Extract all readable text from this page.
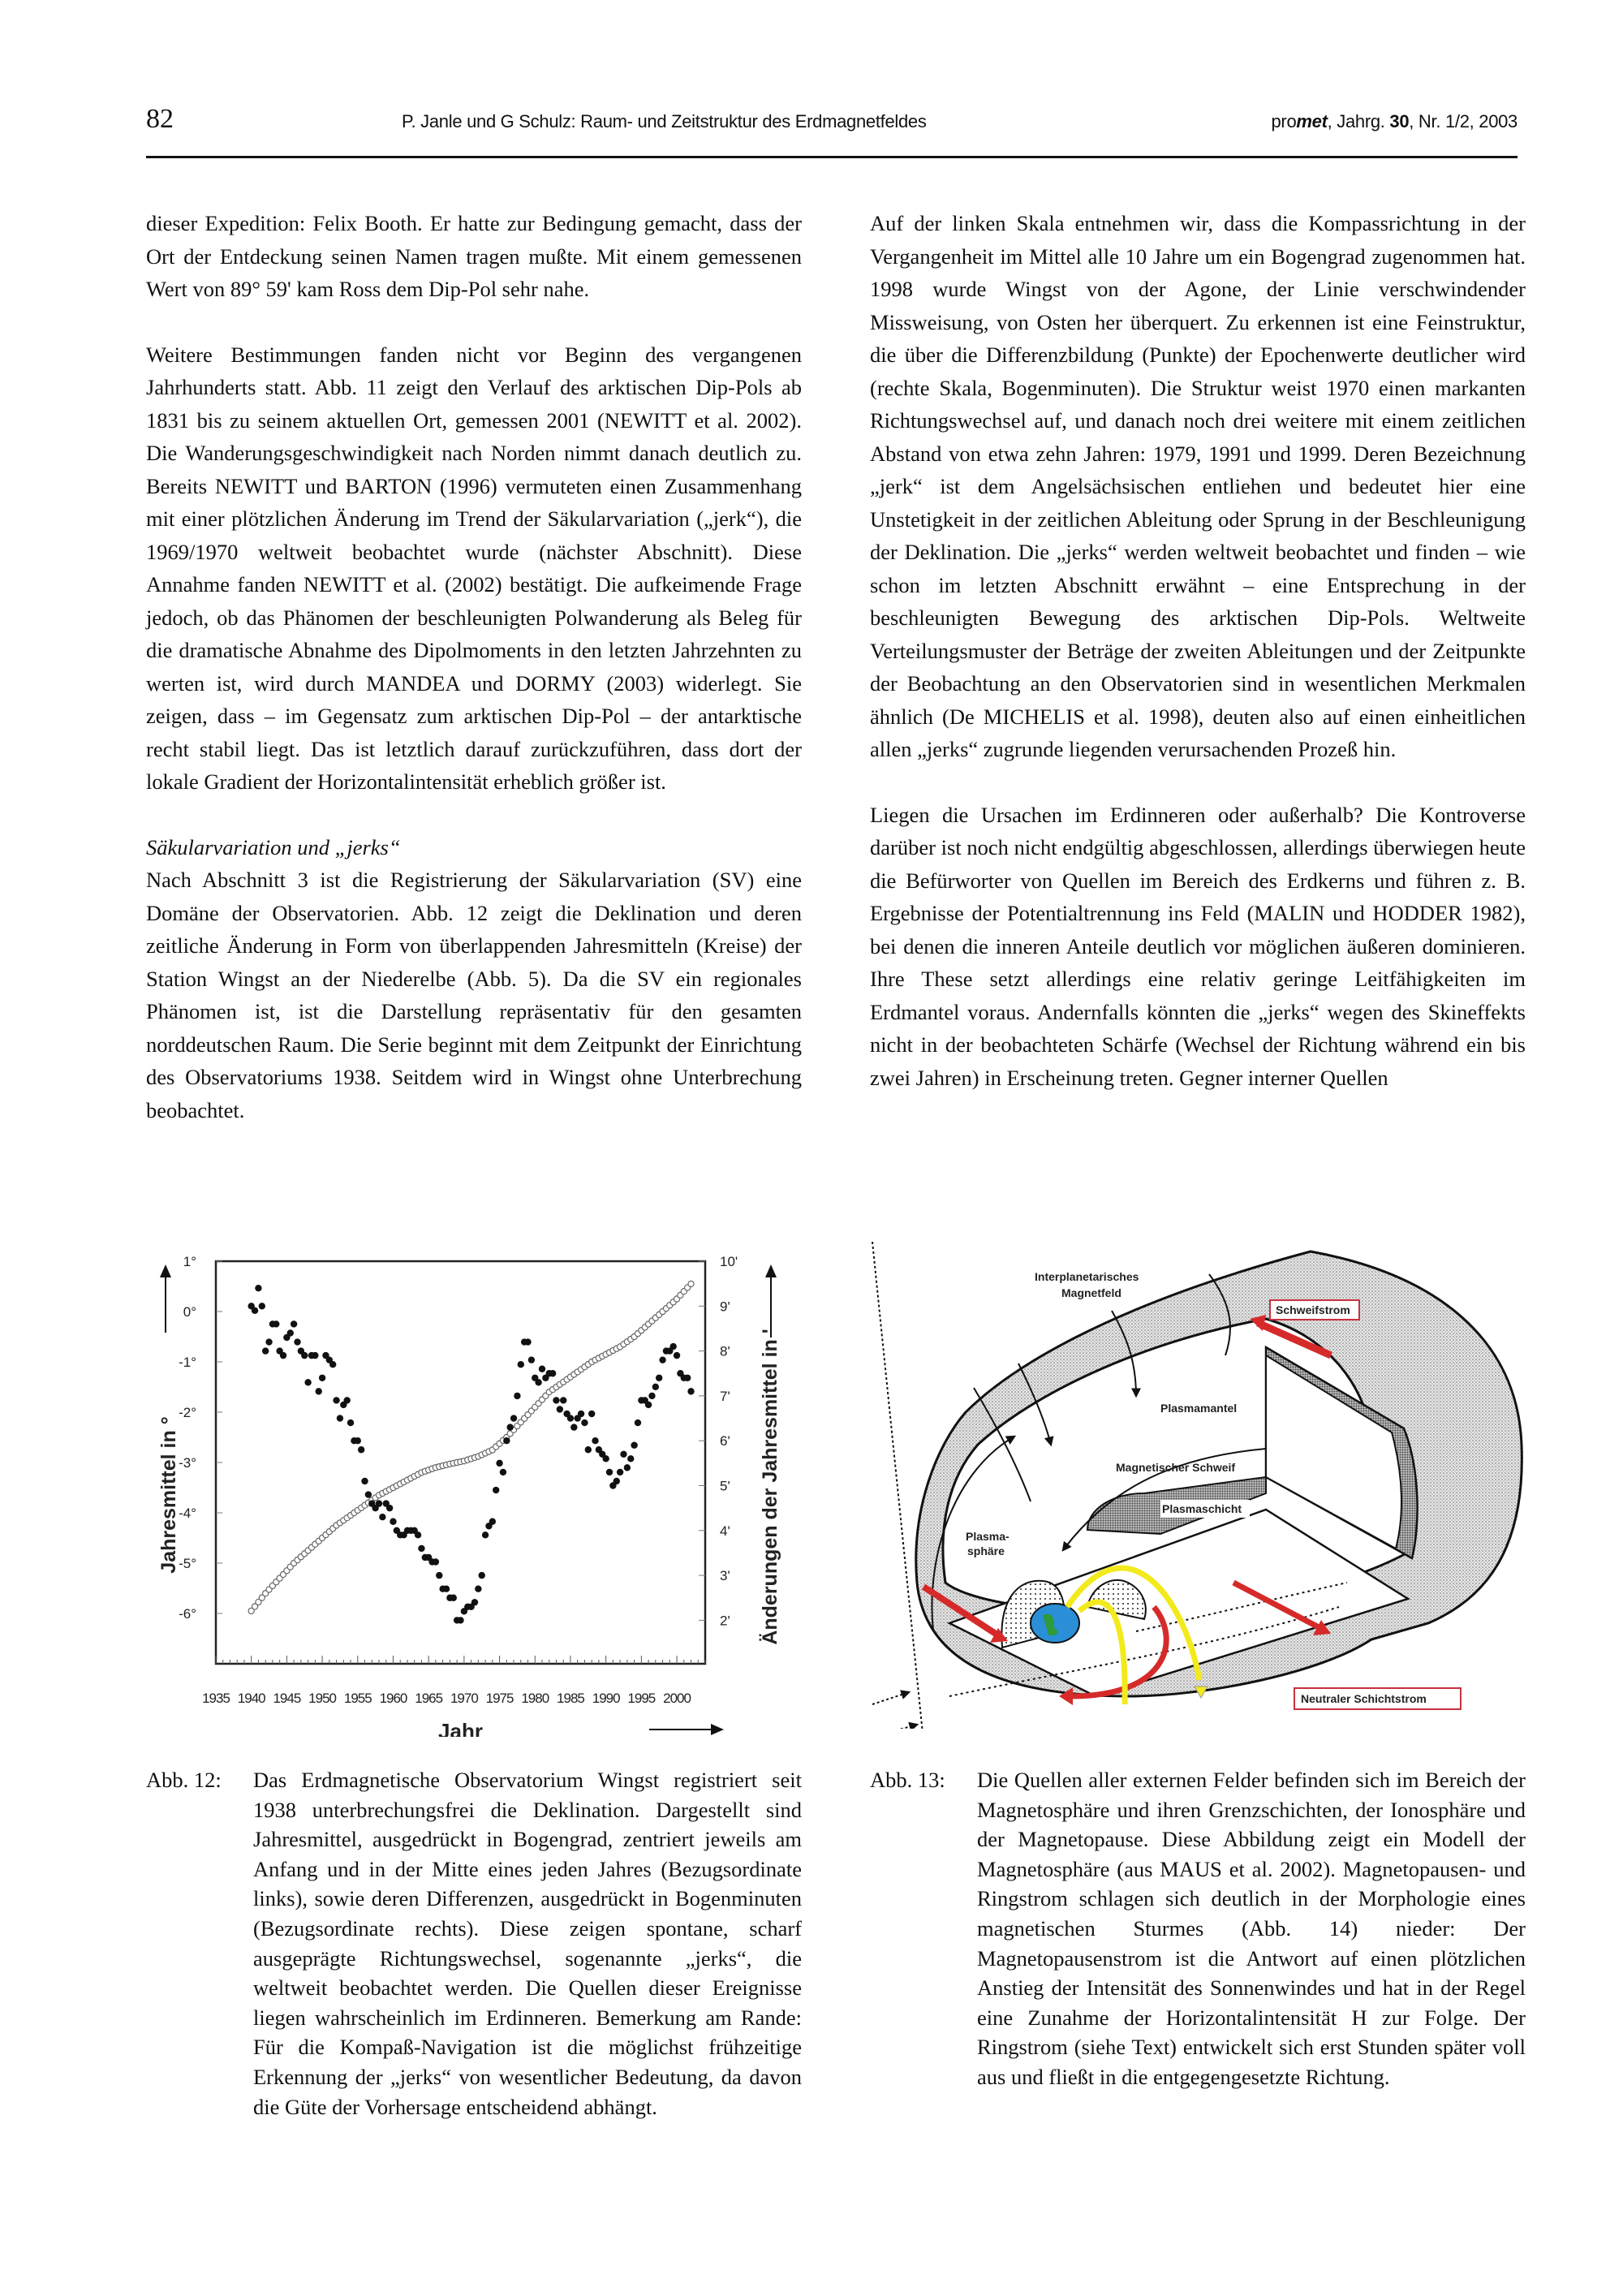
82	P. Janle und G Schulz: Raum- und Zeitstruktur des Erdmagnetfeldes	promet, Jahrg. 30, Nr. 1/2, 2003

dieser Expedition: Felix Booth. Er hatte zur Bedingung gemacht, dass der Ort der Entdeckung seinen Namen tragen mußte. Mit einem gemessenen Wert von 89° 59' kam Ross dem Dip-Pol sehr nahe.

Weitere Bestimmungen fanden nicht vor Beginn des vergangenen Jahrhunderts statt. Abb. 11 zeigt den Verlauf des arktischen Dip-Pols ab 1831 bis zu seinem aktuellen Ort, gemessen 2001 (NEWITT et al. 2002). Die Wanderungsgeschwindigkeit nach Norden nimmt danach deutlich zu. Bereits NEWITT und BARTON (1996) vermuteten einen Zusammenhang mit einer plötzlichen Änderung im Trend der Säkularvariation („jerk“), die 1969/1970 weltweit beobachtet wurde (nächster Abschnitt). Diese Annahme fanden NEWITT et al. (2002) bestätigt. Die aufkeimende Frage jedoch, ob das Phänomen der beschleunigten Polwanderung als Beleg für die dramatische Abnahme des Dipolmoments in den letzten Jahrzehnten zu werten ist, wird durch MANDEA und DORMY (2003) widerlegt. Sie zeigen, dass – im Gegensatz zum arktischen Dip-Pol – der antarktische recht stabil liegt. Das ist letztlich darauf zurückzuführen, dass dort der lokale Gradient der Horizontalintensität erheblich größer ist.

Säkularvariation und „jerks“

Nach Abschnitt 3 ist die Registrierung der Säkularvariation (SV) eine Domäne der Observatorien. Abb. 12 zeigt die Deklination und deren zeitliche Änderung in Form von überlappenden Jahresmitteln (Kreise) der Station Wingst an der Niederelbe (Abb. 5). Da die SV ein regionales Phänomen ist, ist die Darstellung repräsentativ für den gesamten norddeutschen Raum. Die Serie beginnt mit dem Zeitpunkt der Einrichtung des Observatoriums 1938. Seitdem wird in Wingst ohne Unterbrechung beobachtet.

Auf der linken Skala entnehmen wir, dass die Kompassrichtung in der Vergangenheit im Mittel alle 10 Jahre um ein Bogengrad zugenommen hat. 1998 wurde Wingst von der Agone, der Linie verschwindender Missweisung, von Osten her überquert. Zu erkennen ist eine Feinstruktur, die über die Differenzbildung (Punkte) der Epochenwerte deutlicher wird (rechte Skala, Bogenminuten). Die Struktur weist 1970 einen markanten Richtungswechsel auf, und danach noch drei weitere mit einem zeitlichen Abstand von etwa zehn Jahren: 1979, 1991 und 1999. Deren Bezeichnung „jerk“ ist dem Angelsächsischen entliehen und bedeutet hier eine Unstetigkeit in der zeitlichen Ableitung oder Sprung in der Beschleunigung der Deklination. Die „jerks“ werden weltweit beobachtet und finden – wie schon im letzten Abschnitt erwähnt – eine Entsprechung in der beschleunigten Bewegung des arktischen Dip-Pols. Weltweite Verteilungsmuster der Beträge der zweiten Ableitungen und der Zeitpunkte der Beobachtung an den Observatorien sind in wesentlichen Merkmalen ähnlich (De MICHELIS et al. 1998), deuten also auf einen einheitlichen allen „jerks“ zugrunde liegenden verursachenden Prozeß hin.

Liegen die Ursachen im Erdinneren oder außerhalb? Die Kontroverse darüber ist noch nicht endgültig abgeschlossen, allerdings überwiegen heute die Befürworter von Quellen im Bereich des Erdkerns und führen z. B. Ergebnisse der Potentialtrennung ins Feld (MALIN und HODDER 1982), bei denen die inneren Anteile deutlich vor möglichen äußeren dominieren. Ihre These setzt allerdings eine relativ geringe Leitfähigkeiten im Erdmantel voraus. Andernfalls könnten die „jerks“ wegen des Skineffekts nicht in der beobachteten Schärfe (Wechsel der Richtung während ein bis zwei Jahren) in Erscheinung treten. Gegner interner Quellen

1935 1940 1945 1950 1955 1960 1965 1970 1975 1980 1985 1990 1995 2000
1°
0°
-1°
-2°
-3°
-4°
-5°
-6°
10'
9'
8'
7'
6'
5'
4'
3'
2'
Jahr
Jahresmittel in °	Änderungen der Jahresmittel in '
Interplanetarisches
Magnetfeld
Schweifstrom
Plasmamantel
Magnetischer Schweif
Plasmaschicht
Plasma-
sphäre
Neutraler Schichtstrom
Abb. 12: Das Erdmagnetische Observatorium Wingst registriert seit 1938 unterbrechungsfrei die Deklination. Dargestellt sind Jahresmittel, ausgedrückt in Bogengrad, zentriert jeweils am Anfang und in der Mitte eines jeden Jahres (Bezugsordinate links), sowie deren Differenzen, ausgedrückt in Bogenminuten (Bezugsordinate rechts). Diese zeigen spontane, scharf ausgeprägte Richtungswechsel, sogenannte „jerks“, die weltweit beobachtet werden. Die Quellen dieser Ereignisse liegen wahrscheinlich im Erdinneren. Bemerkung am Rande: Für die Kompaß-Navigation ist die möglichst frühzeitige Erkennung der „jerks“ von wesentlicher Bedeutung, da davon die Güte der Vorhersage entscheidend abhängt.
Abb. 13: Die Quellen aller externen Felder befinden sich im Bereich der Magnetosphäre und ihren Grenzschichten, der Ionosphäre und der Magnetopause. Diese Abbildung zeigt ein Modell der Magnetosphäre (aus MAUS et al. 2002). Magnetopausen- und Ringstrom schlagen sich deutlich in der Morphologie eines magnetischen Sturmes (Abb. 14) nieder: Der Magnetopausenstrom ist die Antwort auf einen plötzlichen Anstieg der Intensität des Sonnenwindes und hat in der Regel eine Zunahme der Horizontalintensität H zur Folge. Der Ringstrom (siehe Text) entwickelt sich erst Stunden später voll aus und fließt in die entgegengesetzte Richtung.
